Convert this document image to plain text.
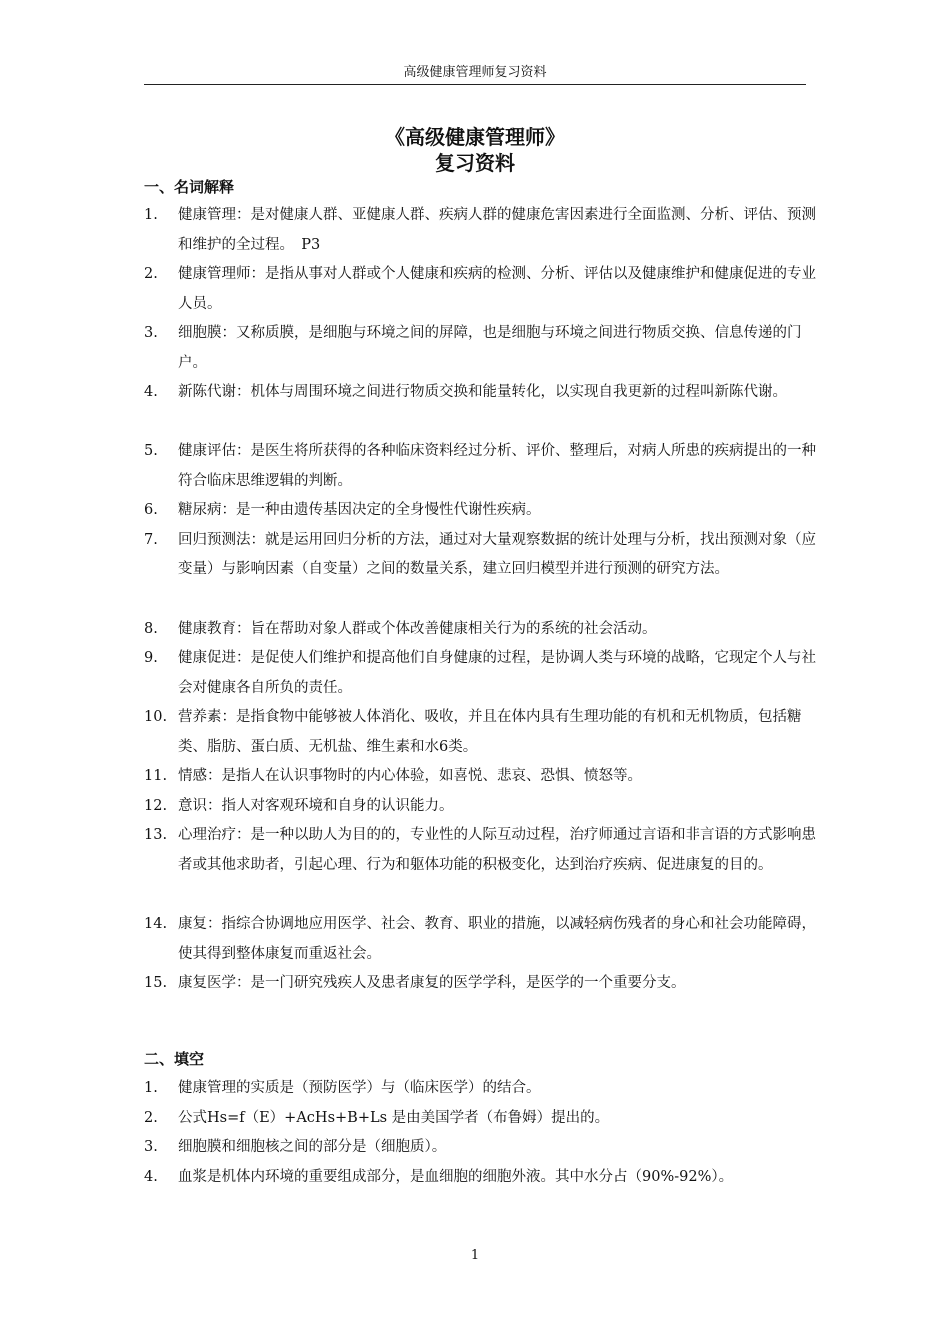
高级健康管理师复习资料
《高级健康管理师》
复习资料
一、名词解释
1. 健康管理：是对健康人群、亚健康人群、疾病人群的健康危害因素进行全面监测、分析、评估、预测和维护的全过程。　P3
2. 健康管理师：是指从事对人群或个人健康和疾病的检测、分析、评估以及健康维护和健康促进的专业人员。
3. 细胞膜：又称质膜，是细胞与环境之间的屏障，也是细胞与环境之间进行物质交换、信息传递的门户。
4. 新陈代谢：机体与周围环境之间进行物质交换和能量转化，以实现自我更新的过程叫新陈代谢。
5. 健康评估：是医生将所获得的各种临床资料经过分析、评价、整理后，对病人所患的疾病提出的一种符合临床思维逻辑的判断。
6. 糖尿病：是一种由遗传基因决定的全身慢性代谢性疾病。
7. 回归预测法：就是运用回归分析的方法，通过对大量观察数据的统计处理与分析，找出预测对象（应变量）与影响因素（自变量）之间的数量关系，建立回归模型并进行预测的研究方法。
8. 健康教育：旨在帮助对象人群或个体改善健康相关行为的系统的社会活动。
9. 健康促进：是促使人们维护和提高他们自身健康的过程，是协调人类与环境的战略，它现定个人与社会对健康各自所负的责任。
10. 营养素：是指食物中能够被人体消化、吸收，并且在体内具有生理功能的有机和无机物质，包括糖类、脂肪、蛋白质、无机盐、维生素和水6类。
11. 情感：是指人在认识事物时的内心体验，如喜悦、悲哀、恐惧、愤怒等。
12. 意识：指人对客观环境和自身的认识能力。
13. 心理治疗：是一种以助人为目的的，专业性的人际互动过程，治疗师通过言语和非言语的方式影响患者或其他求助者，引起心理、行为和躯体功能的积极变化，达到治疗疾病、促进康复的目的。
14. 康复：指综合协调地应用医学、社会、教育、职业的措施，以减轻病伤残者的身心和社会功能障碍，使其得到整体康复而重返社会。
15. 康复医学：是一门研究残疾人及患者康复的医学学科，是医学的一个重要分支。
二、填空
1. 健康管理的实质是（预防医学）与（临床医学）的结合。
2. 公式Hs=f（E）+AcHs+B+Ls 是由美国学者（布鲁姆）提出的。
3. 细胞膜和细胞核之间的部分是（细胞质）。
4. 血浆是机体内环境的重要组成部分，是血细胞的细胞外液。其中水分占（90%-92%）。
1
